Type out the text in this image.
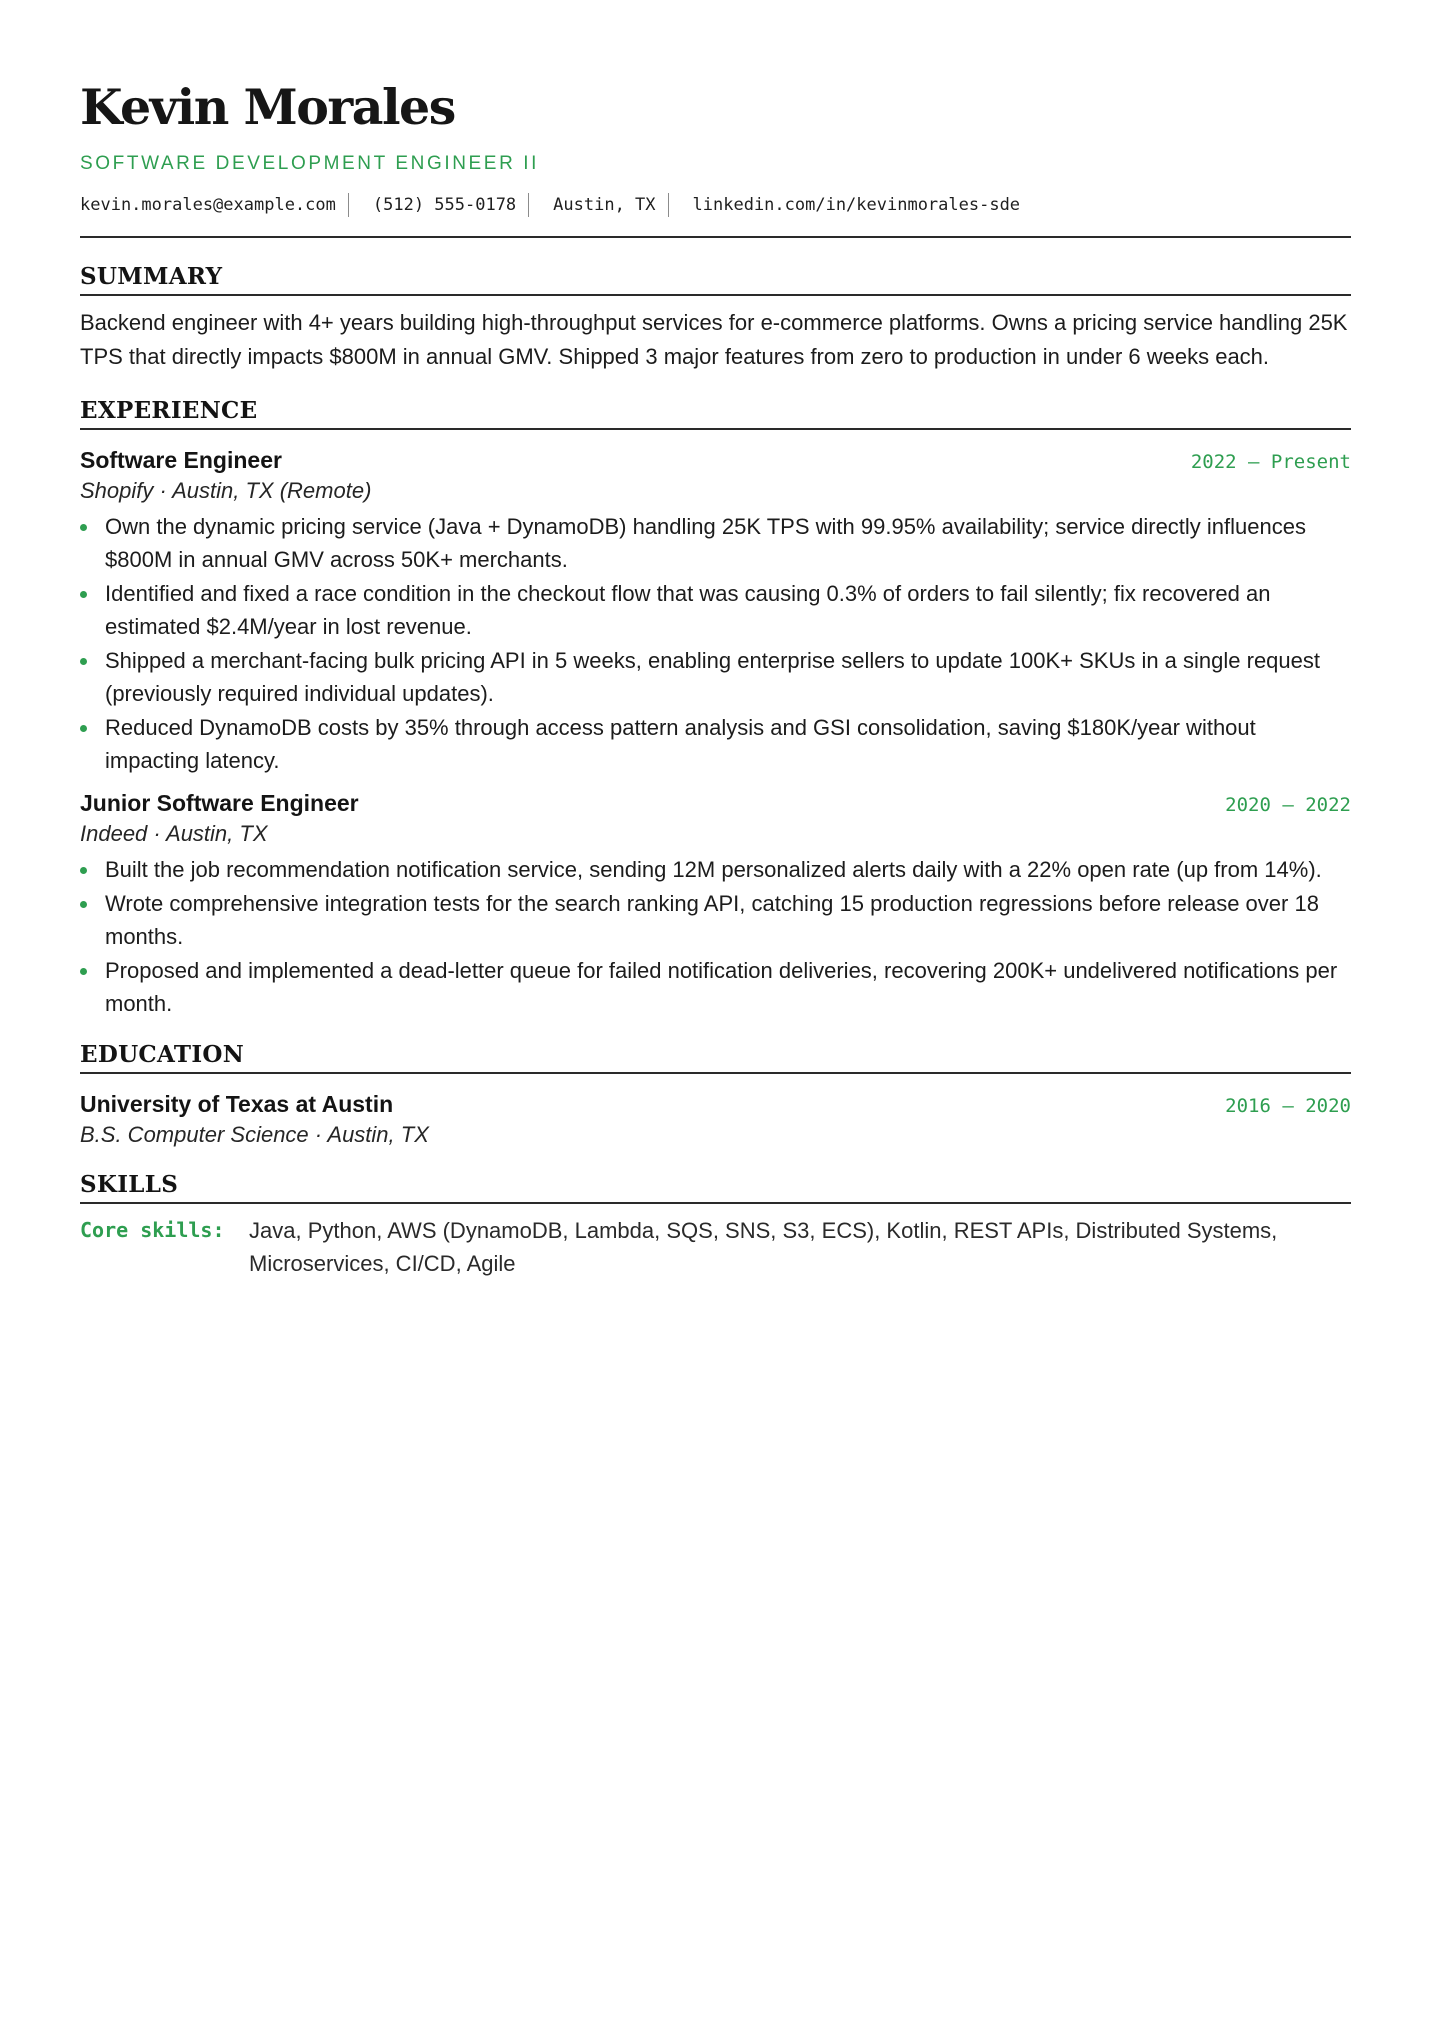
Kevin Morales
SOFTWARE DEVELOPMENT ENGINEER II
kevin.morales@example.com (512) 555-0178 Austin, TX linkedin.com/in/kevinmorales-sde
SUMMARY
Backend engineer with 4+ years building high-throughput services for e-commerce platforms. Owns a pricing service handling 25K TPS that directly impacts $800M in annual GMV. Shipped 3 major features from zero to production in under 6 weeks each.
EXPERIENCE
Software Engineer	2022 – Present
Shopify · Austin, TX (Remote)
Own the dynamic pricing service (Java + DynamoDB) handling 25K TPS with 99.95% availability; service directly influences $800M in annual GMV across 50K+ merchants.
Identified and fixed a race condition in the checkout flow that was causing 0.3% of orders to fail silently; fix recovered an estimated $2.4M/year in lost revenue.
Shipped a merchant-facing bulk pricing API in 5 weeks, enabling enterprise sellers to update 100K+ SKUs in a single request (previously required individual updates).
Reduced DynamoDB costs by 35% through access pattern analysis and GSI consolidation, saving $180K/year without impacting latency.
Junior Software Engineer	2020 – 2022
Indeed · Austin, TX
Built the job recommendation notification service, sending 12M personalized alerts daily with a 22% open rate (up from 14%).
Wrote comprehensive integration tests for the search ranking API, catching 15 production regressions before release over 18 months.
Proposed and implemented a dead-letter queue for failed notification deliveries, recovering 200K+ undelivered notifications per month.
EDUCATION
University of Texas at Austin	2016 – 2020
B.S. Computer Science · Austin, TX
SKILLS
Core skills:	Java, Python, AWS (DynamoDB, Lambda, SQS, SNS, S3, ECS), Kotlin, REST APIs, Distributed Systems, Microservices, CI/CD, Agile
